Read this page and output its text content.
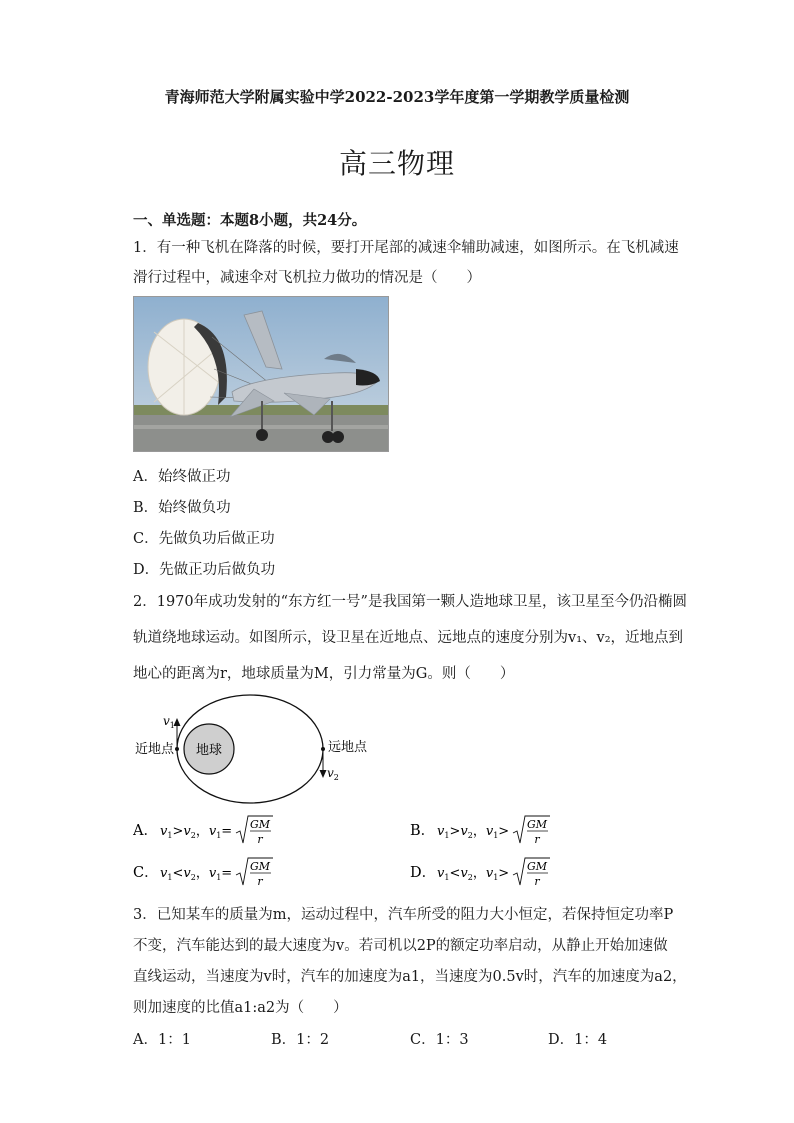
青海师范大学附属实验中学2022-2023学年度第一学期教学质量检测
高三物理
一、单选题：本题8小题，共24分。
1．有一种飞机在降落的时候，要打开尾部的减速伞辅助减速，如图所示。在飞机减速
滑行过程中，减速伞对飞机拉力做功的情况是（　　）
A．始终做正功
B．始终做负功
C．先做负功后做正功
D．先做正功后做负功
2．1970年成功发射的“东方红一号”是我国第一颗人造地球卫星，该卫星至今仍沿椭圆
轨道绕地球运动。如图所示，设卫星在近地点、远地点的速度分别为v₁、v₂，近地点到
地心的距离为r，地球质量为M，引力常量为G。则（　　）
地球
近地点
$v_1$
远地点
$v_2$
A． $v_1>v_2$，$v_1=$ GM
r
B． $v_1>v_2$，$v_1>$ GM
r
C． $v_1<v_2$，$v_1=$ GM
r
D． $v_1<v_2$，$v_1>$ GM
r
3．已知某车的质量为m，运动过程中，汽车所受的阻力大小恒定，若保持恒定功率P
不变，汽车能达到的最大速度为v。若司机以2P的额定功率启动，从静止开始加速做
直线运动，当速度为v时，汽车的加速度为a1，当速度为0.5v时，汽车的加速度为a2，
则加速度的比值a1:a2为（　　）
A．1：1	B．1：2	C．1：3	D．1：4
